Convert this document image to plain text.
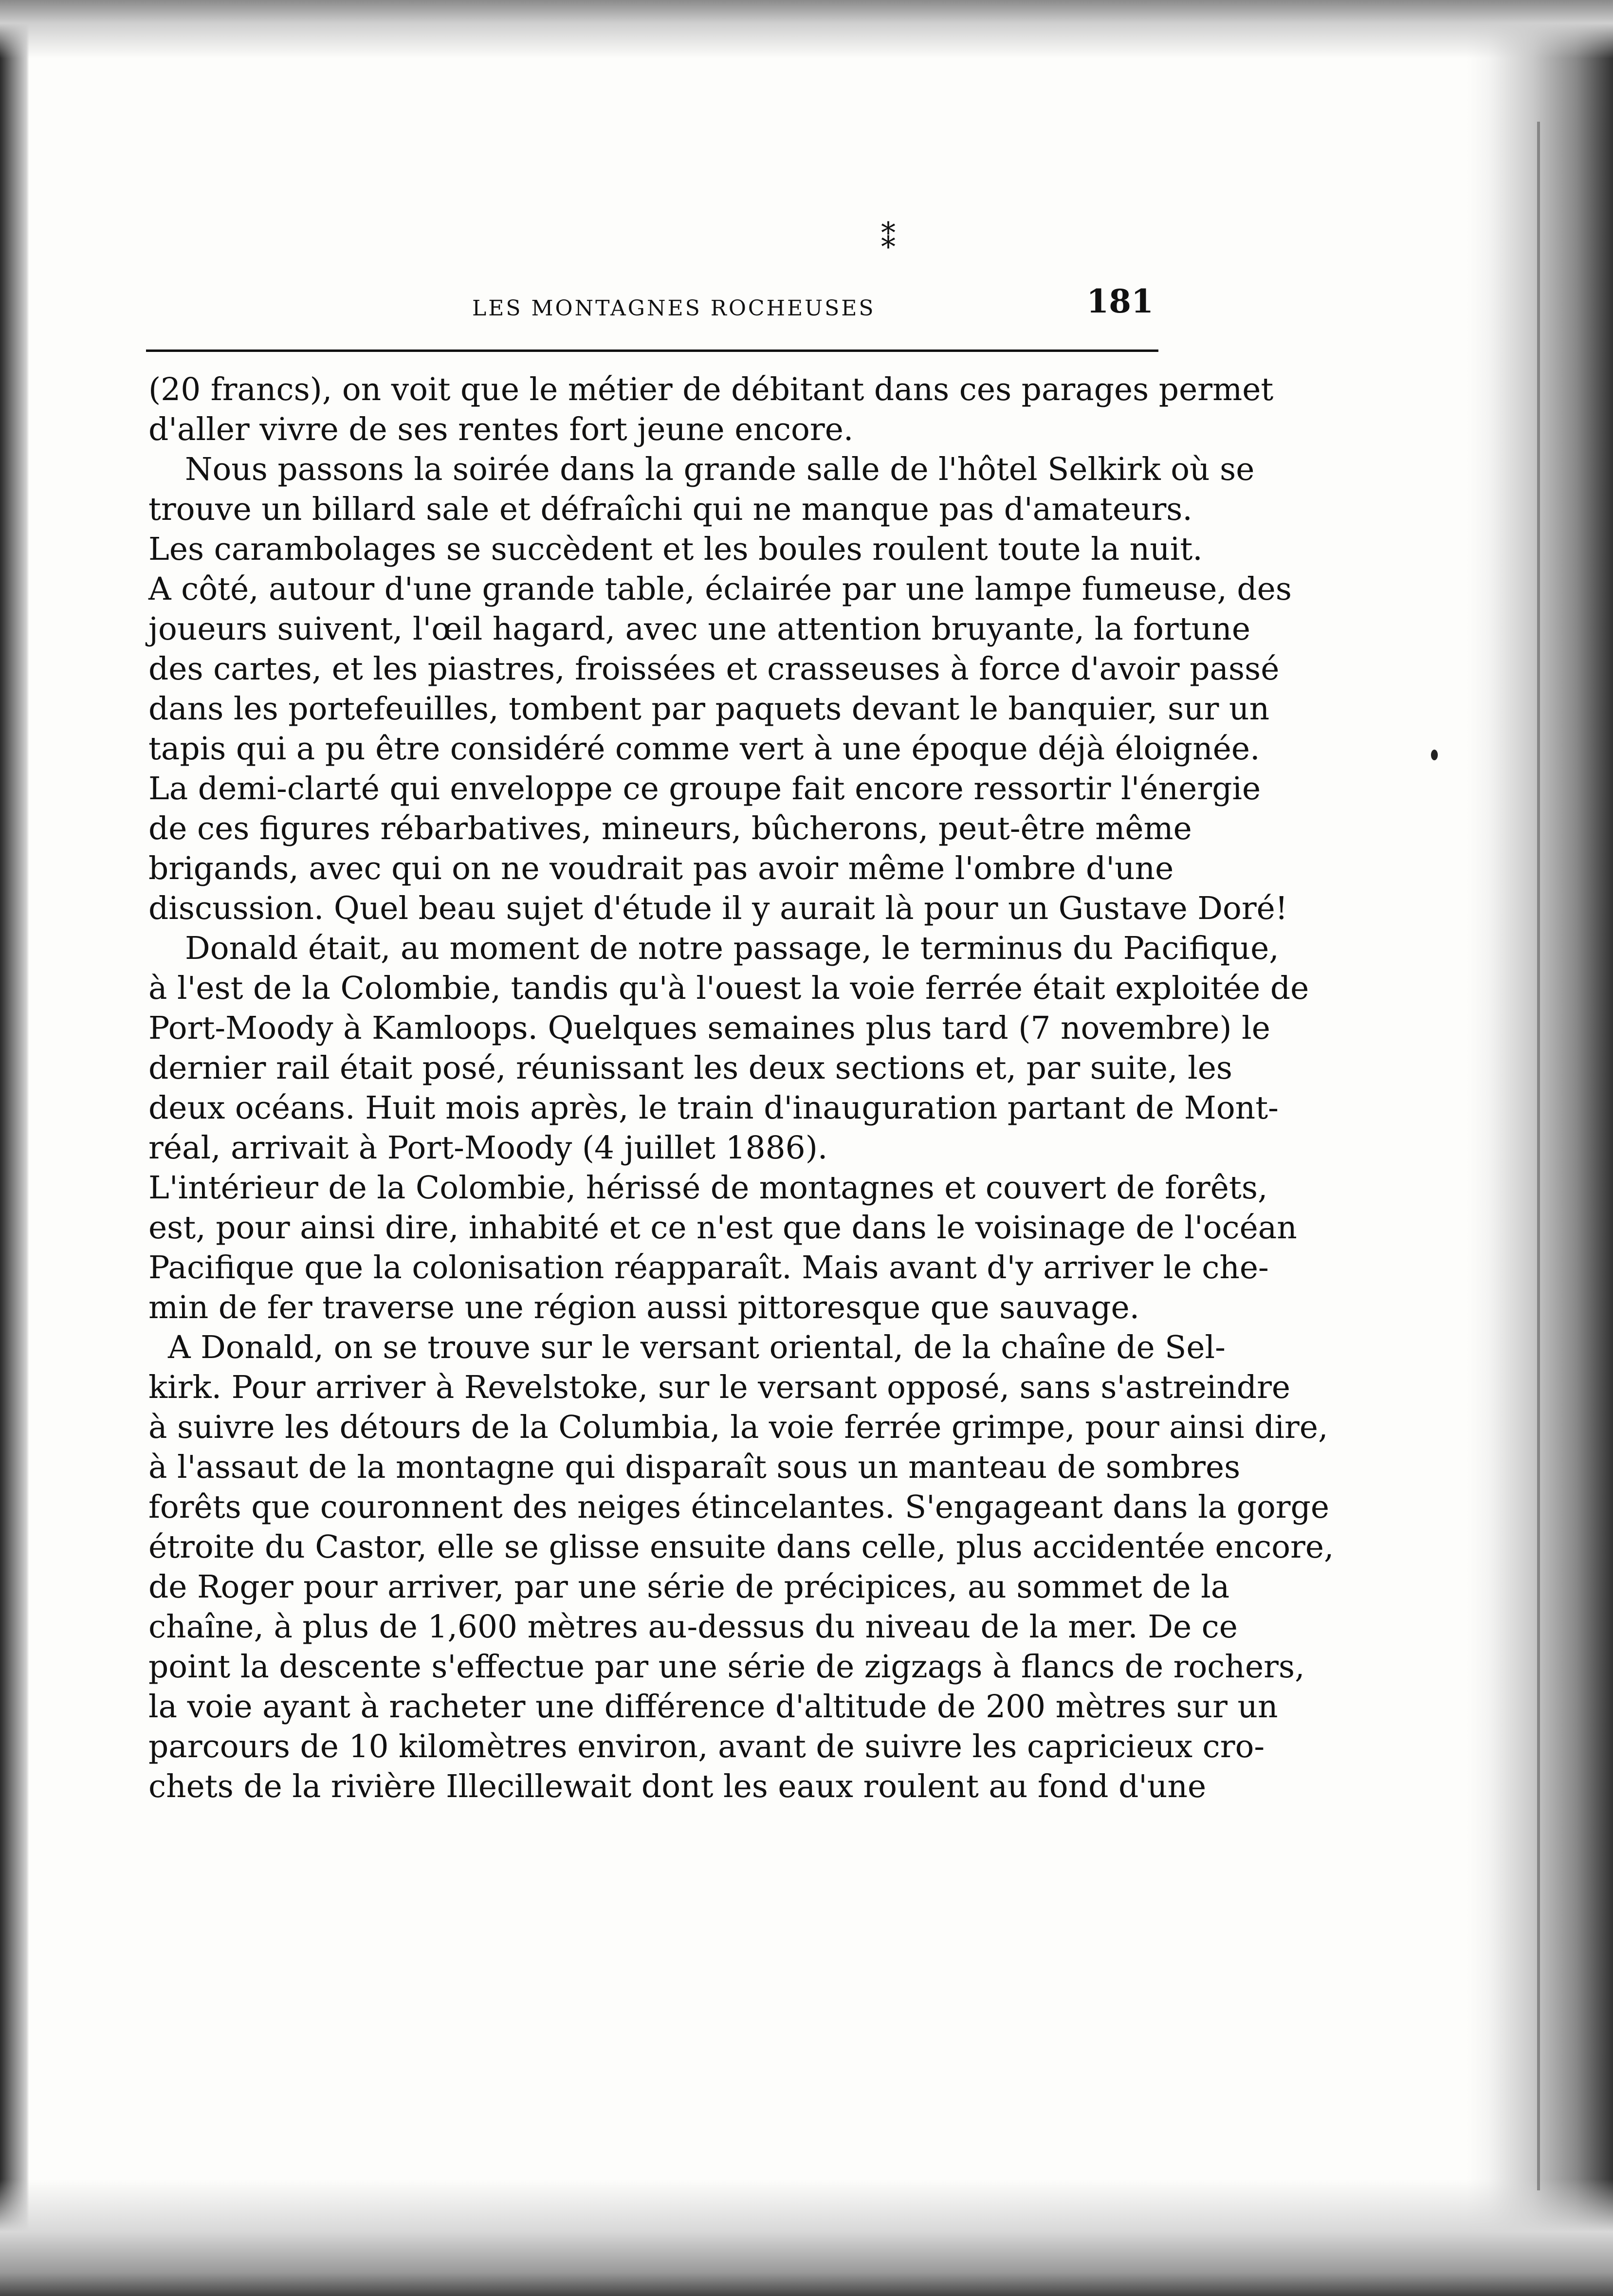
⁑
LES MONTAGNES ROCHEUSES	181
(20 francs), on voit que le métier de débitant dans ces parages permet
d'aller vivre de ses rentes fort jeune encore.
Nous passons la soirée dans la grande salle de l'hôtel Selkirk où se
trouve un billard sale et défraîchi qui ne manque pas d'amateurs.
Les carambolages se succèdent et les boules roulent toute la nuit.
A côté, autour d'une grande table, éclairée par une lampe fumeuse, des
joueurs suivent, l'œil hagard, avec une attention bruyante, la fortune
des cartes, et les piastres, froissées et crasseuses à force d'avoir passé
dans les portefeuilles, tombent par paquets devant le banquier, sur un
tapis qui a pu être considéré comme vert à une époque déjà éloignée.
La demi-clarté qui enveloppe ce groupe fait encore ressortir l'énergie
de ces figures rébarbatives, mineurs, bûcherons, peut-être même
brigands, avec qui on ne voudrait pas avoir même l'ombre d'une
discussion. Quel beau sujet d'étude il y aurait là pour un Gustave Doré!
Donald était, au moment de notre passage, le terminus du Pacifique,
à l'est de la Colombie, tandis qu'à l'ouest la voie ferrée était exploitée de
Port-Moody à Kamloops. Quelques semaines plus tard (7 novembre) le
dernier rail était posé, réunissant les deux sections et, par suite, les
deux océans. Huit mois après, le train d'inauguration partant de Mont-
réal, arrivait à Port-Moody (4 juillet 1886).
L'intérieur de la Colombie, hérissé de montagnes et couvert de forêts,
est, pour ainsi dire, inhabité et ce n'est que dans le voisinage de l'océan
Pacifique que la colonisation réapparaît. Mais avant d'y arriver le che-
min de fer traverse une région aussi pittoresque que sauvage.
A Donald, on se trouve sur le versant oriental, de la chaîne de Sel-
kirk. Pour arriver à Revelstoke, sur le versant opposé, sans s'astreindre
à suivre les détours de la Columbia, la voie ferrée grimpe, pour ainsi dire,
à l'assaut de la montagne qui disparaît sous un manteau de sombres
forêts que couronnent des neiges étincelantes. S'engageant dans la gorge
étroite du Castor, elle se glisse ensuite dans celle, plus accidentée encore,
de Roger pour arriver, par une série de précipices, au sommet de la
chaîne, à plus de 1,600 mètres au-dessus du niveau de la mer. De ce
point la descente s'effectue par une série de zigzags à flancs de rochers,
la voie ayant à racheter une différence d'altitude de 200 mètres sur un
parcours de 10 kilomètres environ, avant de suivre les capricieux cro-
chets de la rivière Illecillewait dont les eaux roulent au fond d'une
